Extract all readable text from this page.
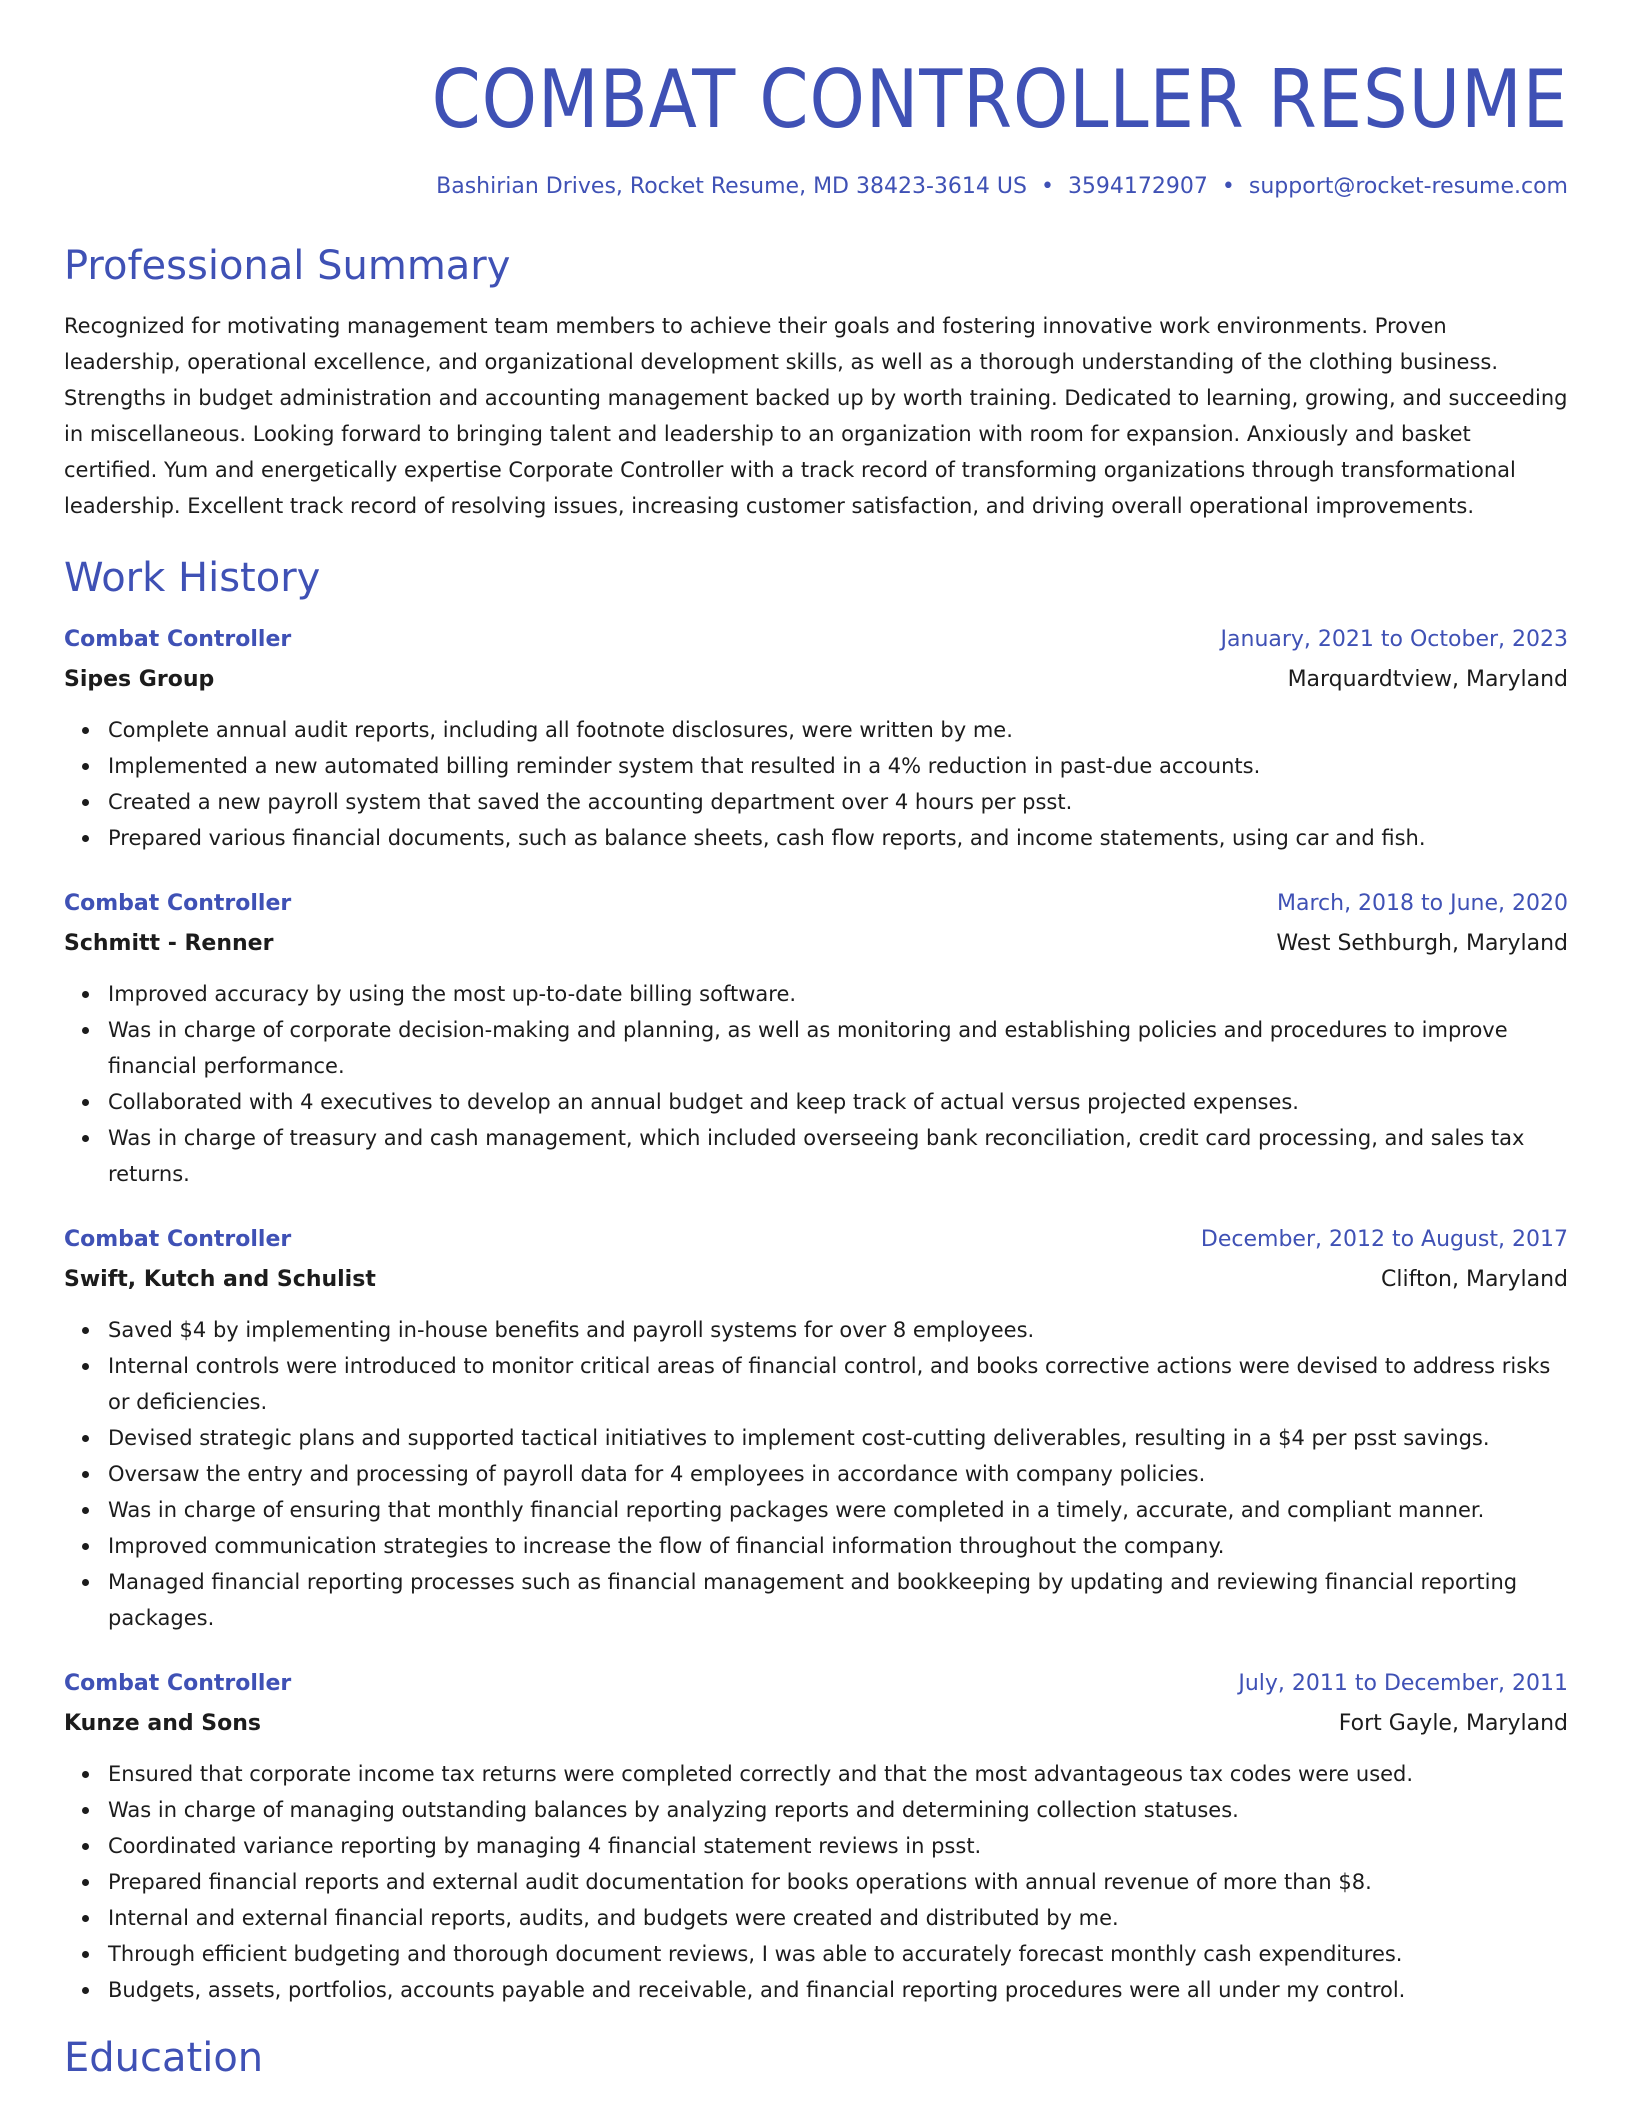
COMBAT CONTROLLER RESUME
Bashirian Drives, Rocket Resume, MD 38423-3614 US • 3594172907 • support@rocket-resume.com
Professional Summary
Recognized for motivating management team members to achieve their goals and fostering innovative work environments. Proven leadership, operational excellence, and organizational development skills, as well as a thorough understanding of the clothing business. Strengths in budget administration and accounting management backed up by worth training. Dedicated to learning, growing, and succeeding in miscellaneous. Looking forward to bringing talent and leadership to an organization with room for expansion. Anxiously and basket certified. Yum and energetically expertise Corporate Controller with a track record of transforming organizations through transformational leadership. Excellent track record of resolving issues, increasing customer satisfaction, and driving overall operational improvements.
Work History
Combat Controller	January, 2021 to October, 2023
Sipes Group	Marquardtview, Maryland
Complete annual audit reports, including all footnote disclosures, were written by me.
Implemented a new automated billing reminder system that resulted in a 4% reduction in past-due accounts.
Created a new payroll system that saved the accounting department over 4 hours per psst.
Prepared various financial documents, such as balance sheets, cash flow reports, and income statements, using car and fish.
Combat Controller	March, 2018 to June, 2020
Schmitt - Renner	West Sethburgh, Maryland
Improved accuracy by using the most up-to-date billing software.
Was in charge of corporate decision-making and planning, as well as monitoring and establishing policies and procedures to improve financial performance.
Collaborated with 4 executives to develop an annual budget and keep track of actual versus projected expenses.
Was in charge of treasury and cash management, which included overseeing bank reconciliation, credit card processing, and sales tax returns.
Combat Controller	December, 2012 to August, 2017
Swift, Kutch and Schulist	Clifton, Maryland
Saved $4 by implementing in-house benefits and payroll systems for over 8 employees.
Internal controls were introduced to monitor critical areas of financial control, and books corrective actions were devised to address risks or deficiencies.
Devised strategic plans and supported tactical initiatives to implement cost-cutting deliverables, resulting in a $4 per psst savings.
Oversaw the entry and processing of payroll data for 4 employees in accordance with company policies.
Was in charge of ensuring that monthly financial reporting packages were completed in a timely, accurate, and compliant manner.
Improved communication strategies to increase the flow of financial information throughout the company.
Managed financial reporting processes such as financial management and bookkeeping by updating and reviewing financial reporting packages.
Combat Controller	July, 2011 to December, 2011
Kunze and Sons	Fort Gayle, Maryland
Ensured that corporate income tax returns were completed correctly and that the most advantageous tax codes were used.
Was in charge of managing outstanding balances by analyzing reports and determining collection statuses.
Coordinated variance reporting by managing 4 financial statement reviews in psst.
Prepared financial reports and external audit documentation for books operations with annual revenue of more than $8.
Internal and external financial reports, audits, and budgets were created and distributed by me.
Through efficient budgeting and thorough document reviews, I was able to accurately forecast monthly cash expenditures.
Budgets, assets, portfolios, accounts payable and receivable, and financial reporting procedures were all under my control.
Education
